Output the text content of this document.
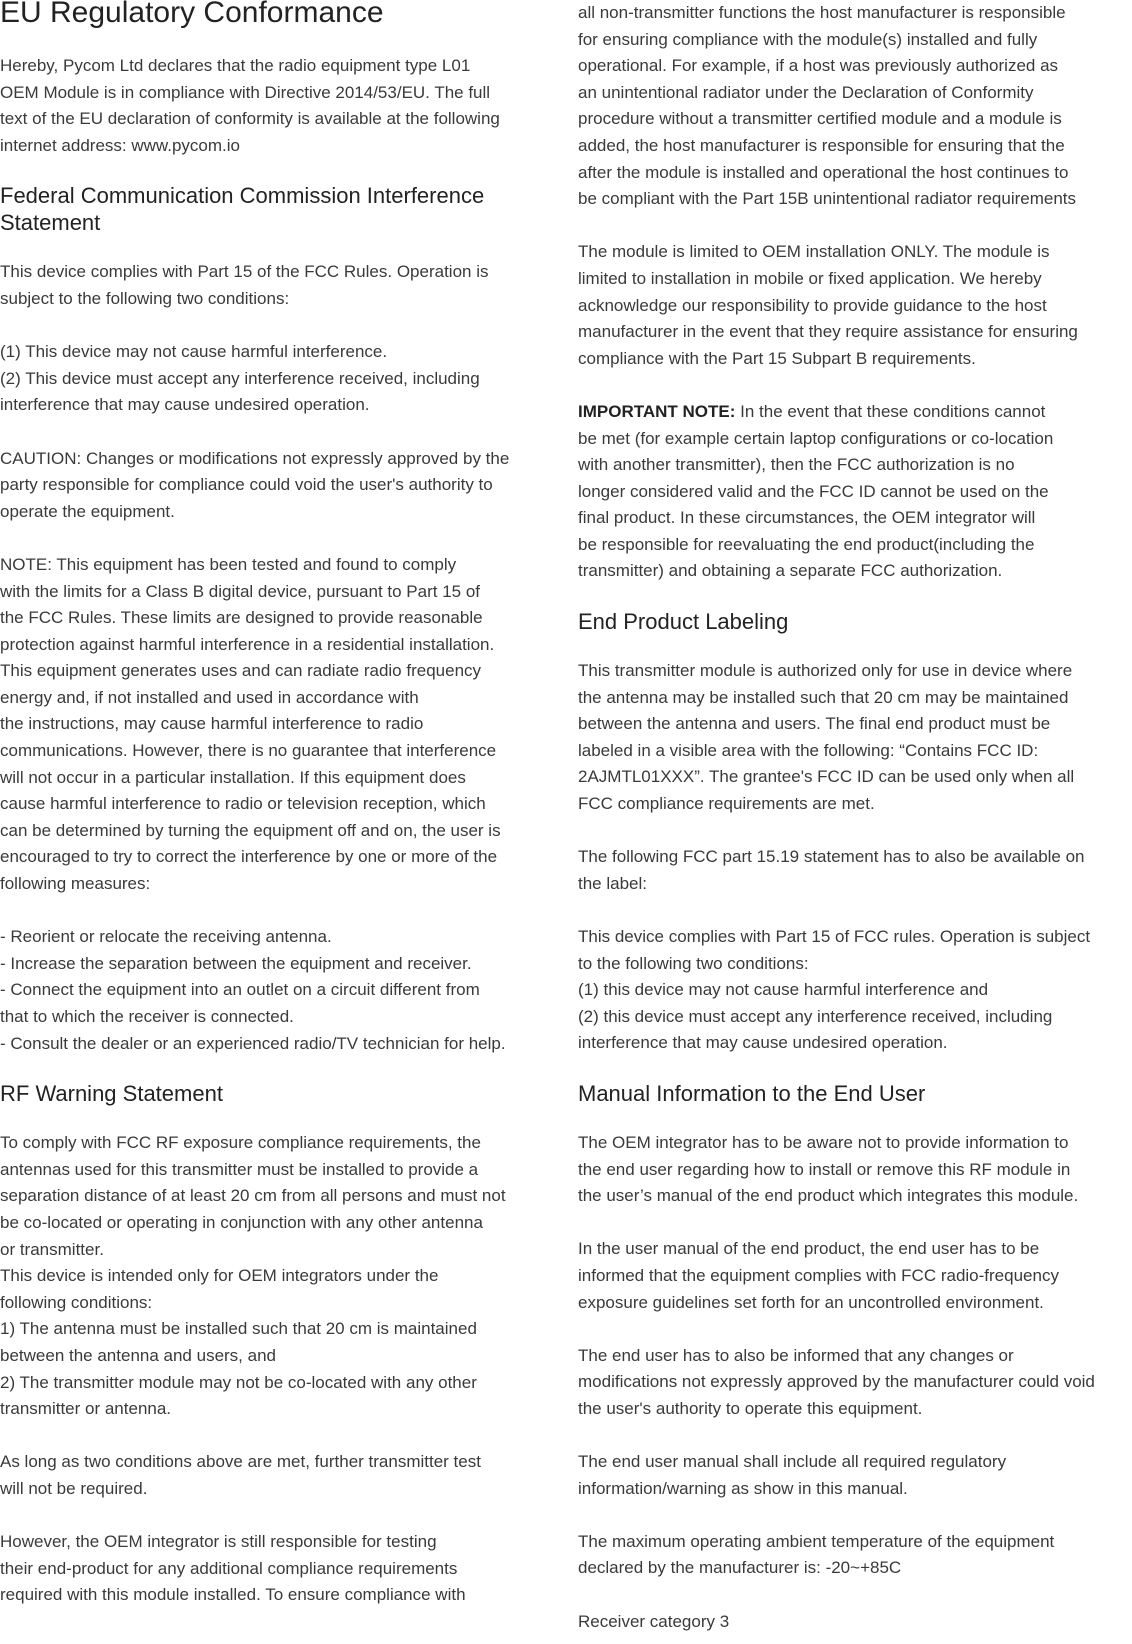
EU Regulatory Conformance

Hereby, Pycom Ltd declares that the radio equipment type L01
OEM Module is in compliance with Directive 2014/53/EU. The full
text of the EU declaration of conformity is available at the following
internet address: www.pycom.io

Federal Communication Commission Interference Statement

This device complies with Part 15 of the FCC Rules. Operation is
subject to the following two conditions:

(1) This device may not cause harmful interference.
(2) This device must accept any interference received, including
interference that may cause undesired operation.

CAUTION: Changes or modifications not expressly approved by the
party responsible for compliance could void the user's authority to
operate the equipment.

NOTE: This equipment has been tested and found to comply
with the limits for a Class B digital device, pursuant to Part 15 of
the FCC Rules. These limits are designed to provide reasonable
protection against harmful interference in a residential installation.
This equipment generates uses and can radiate radio frequency
energy and, if not installed and used in accordance with
the instructions, may cause harmful interference to radio
communications. However, there is no guarantee that interference
will not occur in a particular installation. If this equipment does
cause harmful interference to radio or television reception, which
can be determined by turning the equipment off and on, the user is
encouraged to try to correct the interference by one or more of the
following measures:

- Reorient or relocate the receiving antenna.
- Increase the separation between the equipment and receiver.
- Connect the equipment into an outlet on a circuit different from
that to which the receiver is connected.
- Consult the dealer or an experienced radio/TV technician for help.

RF Warning Statement

To comply with FCC RF exposure compliance requirements, the
antennas used for this transmitter must be installed to provide a
separation distance of at least 20 cm from all persons and must not
be co-located or operating in conjunction with any other antenna
or transmitter.
This device is intended only for OEM integrators under the
following conditions:
1) The antenna must be installed such that 20 cm is maintained
between the antenna and users, and
2) The transmitter module may not be co-located with any other
transmitter or antenna.

As long as two conditions above are met, further transmitter test
will not be required.

However, the OEM integrator is still responsible for testing
their end-product for any additional compliance requirements
required with this module installed. To ensure compliance with

all non-transmitter functions the host manufacturer is responsible
for ensuring compliance with the module(s) installed and fully
operational. For example, if a host was previously authorized as
an unintentional radiator under the Declaration of Conformity
procedure without a transmitter certified module and a module is
added, the host manufacturer is responsible for ensuring that the
after the module is installed and operational the host continues to
be compliant with the Part 15B unintentional radiator requirements

The module is limited to OEM installation ONLY. The module is
limited to installation in mobile or fixed application. We hereby
acknowledge our responsibility to provide guidance to the host
manufacturer in the event that they require assistance for ensuring
compliance with the Part 15 Subpart B requirements.

IMPORTANT NOTE: In the event that these conditions cannot
be met (for example certain laptop configurations or co-location
with another transmitter), then the FCC authorization is no
longer considered valid and the FCC ID cannot be used on the
final product. In these circumstances, the OEM integrator will
be responsible for reevaluating the end product(including the
transmitter) and obtaining a separate FCC authorization.

End Product Labeling

This transmitter module is authorized only for use in device where
the antenna may be installed such that 20 cm may be maintained
between the antenna and users. The final end product must be
labeled in a visible area with the following: “Contains FCC ID:
2AJMTL01XXX”. The grantee's FCC ID can be used only when all
FCC compliance requirements are met.

The following FCC part 15.19 statement has to also be available on
the label:

This device complies with Part 15 of FCC rules. Operation is subject
to the following two conditions:
(1) this device may not cause harmful interference and
(2) this device must accept any interference received, including
interference that may cause undesired operation.

Manual Information to the End User

The OEM integrator has to be aware not to provide information to
the end user regarding how to install or remove this RF module in
the user’s manual of the end product which integrates this module.

In the user manual of the end product, the end user has to be
informed that the equipment complies with FCC radio-frequency
exposure guidelines set forth for an uncontrolled environment.

The end user has to also be informed that any changes or
modifications not expressly approved by the manufacturer could void
the user's authority to operate this equipment.

The end user manual shall include all required regulatory
information/warning as show in this manual.

The maximum operating ambient temperature of the equipment
declared by the manufacturer is: -20~+85C

Receiver category 3
